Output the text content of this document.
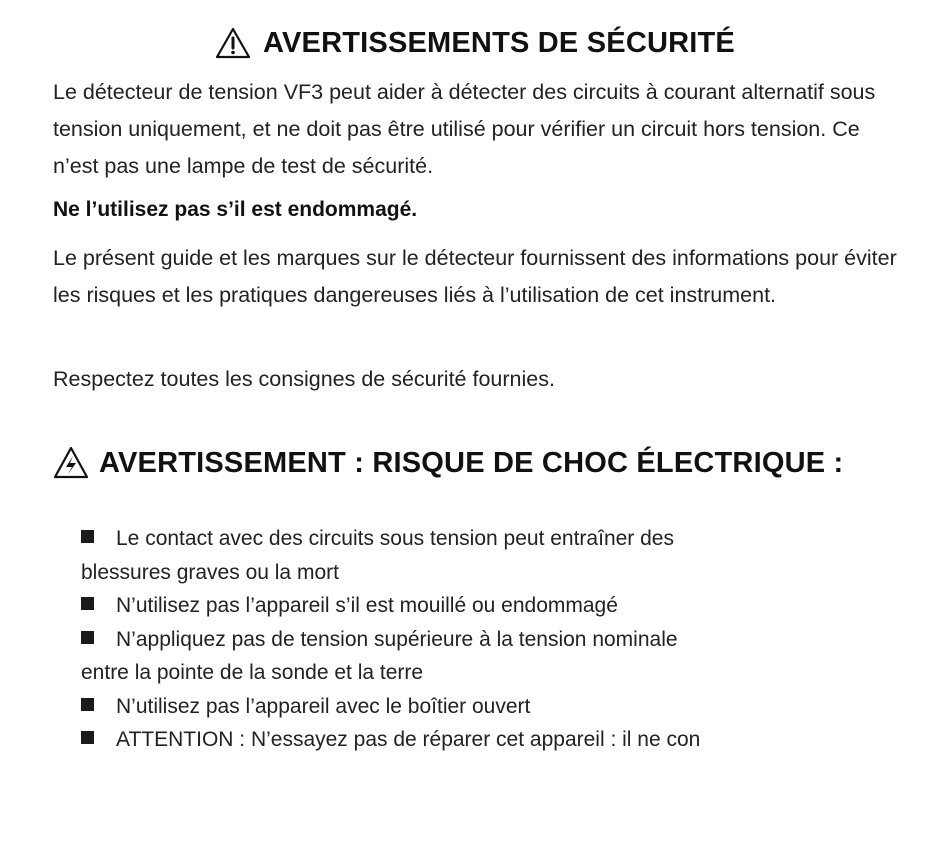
AVERTISSEMENTS DE SÉCURITÉ

Le détecteur de tension VF3 peut aider à détecter des circuits à courant alternatif sous tension uniquement, et ne doit pas être utilisé pour vérifier un circuit hors tension. Ce n’est pas une lampe de test de sécurité.

Ne l’utilisez pas s’il est endommagé.

Le présent guide et les marques sur le détecteur fournissent des informations pour éviter les risques et les pratiques dangereuses liés à l’utilisation de cet instrument.

Respectez toutes les consignes de sécurité fournies.

AVERTISSEMENT : RISQUE DE CHOC ÉLECTRIQUE :
Le contact avec des circuits sous tension peut entraîner des
blessures graves ou la mort
N’utilisez pas l’appareil s’il est mouillé ou endommagé
N’appliquez pas de tension supérieure à la tension nominale
entre la pointe de la sonde et la terre
N’utilisez pas l’appareil avec le boîtier ouvert
ATTENTION : N’essayez pas de réparer cet appareil : il ne con
